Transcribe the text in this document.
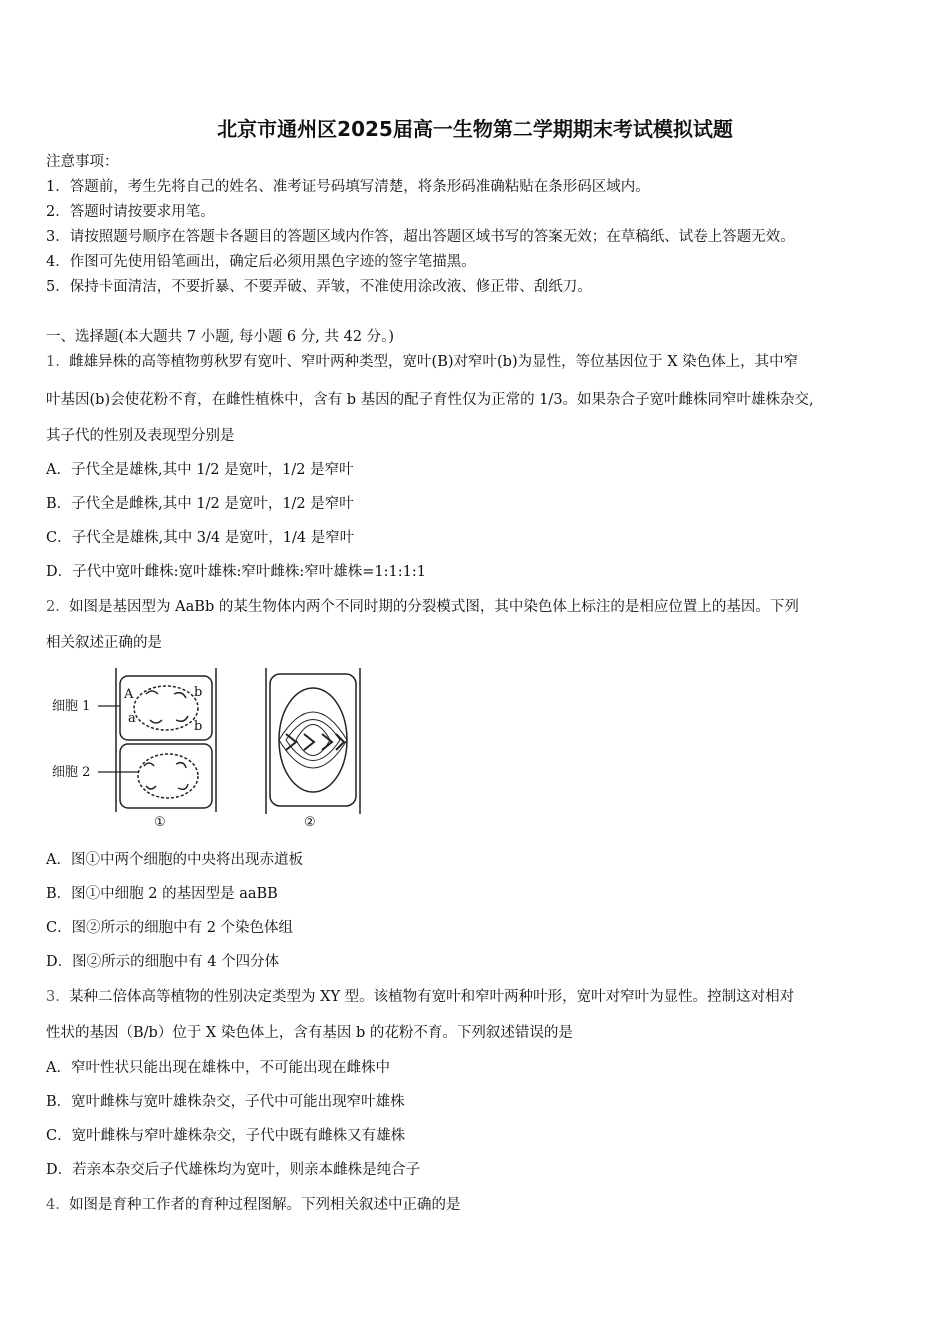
北京市通州区2025届高一生物第二学期期末考试模拟试题
注意事项：
1．答题前，考生先将自己的姓名、准考证号码填写清楚，将条形码准确粘贴在条形码区域内。
2．答题时请按要求用笔。
3．请按照题号顺序在答题卡各题目的答题区域内作答，超出答题区域书写的答案无效；在草稿纸、试卷上答题无效。
4．作图可先使用铅笔画出，确定后必须用黑色字迹的签字笔描黑。
5．保持卡面清洁，不要折暴、不要弄破、弄皱，不准使用涂改液、修正带、刮纸刀。
一、选择题(本大题共 7 小题, 每小题 6 分, 共 42 分。)
1. 雌雄异株的高等植物剪秋罗有宽叶、窄叶两种类型，宽叶(B)对窄叶(b)为显性，等位基因位于 X 染色体上，其中窄
叶基因(b)会使花粉不育，在雌性植株中，含有 b 基因的配子育性仅为正常的 1/3。如果杂合子宽叶雌株同窄叶雄株杂交,
其子代的性别及表现型分别是
A．子代全是雄株,其中 1/2 是宽叶，1/2 是窄叶
B．子代全是雌株,其中 1/2 是宽叶，1/2 是窄叶
C．子代全是雄株,其中 3/4 是宽叶，1/4 是窄叶
D．子代中宽叶雌株:宽叶雄株:窄叶雌株:窄叶雄株=1:1:1:1
2. 如图是基因型为 AaBb 的某生物体内两个不同时期的分裂模式图，其中染色体上标注的是相应位置上的基因。下列
相关叙述正确的是
细胞 1
细胞 2
A
a
b
b
①	②
A．图①中两个细胞的中央将出现赤道板
B．图①中细胞 2 的基因型是 aaBB
C．图②所示的细胞中有 2 个染色体组
D．图②所示的细胞中有 4 个四分体
3. 某种二倍体高等植物的性别决定类型为 XY 型。该植物有宽叶和窄叶两种叶形，宽叶对窄叶为显性。控制这对相对
性状的基因（B/b）位于 X 染色体上，含有基因 b 的花粉不育。下列叙述错误的是
A．窄叶性状只能出现在雄株中，不可能出现在雌株中
B．宽叶雌株与宽叶雄株杂交，子代中可能出现窄叶雄株
C．宽叶雌株与窄叶雄株杂交，子代中既有雌株又有雄株
D．若亲本杂交后子代雄株均为宽叶，则亲本雌株是纯合子
4. 如图是育种工作者的育种过程图解。下列相关叙述中正确的是
